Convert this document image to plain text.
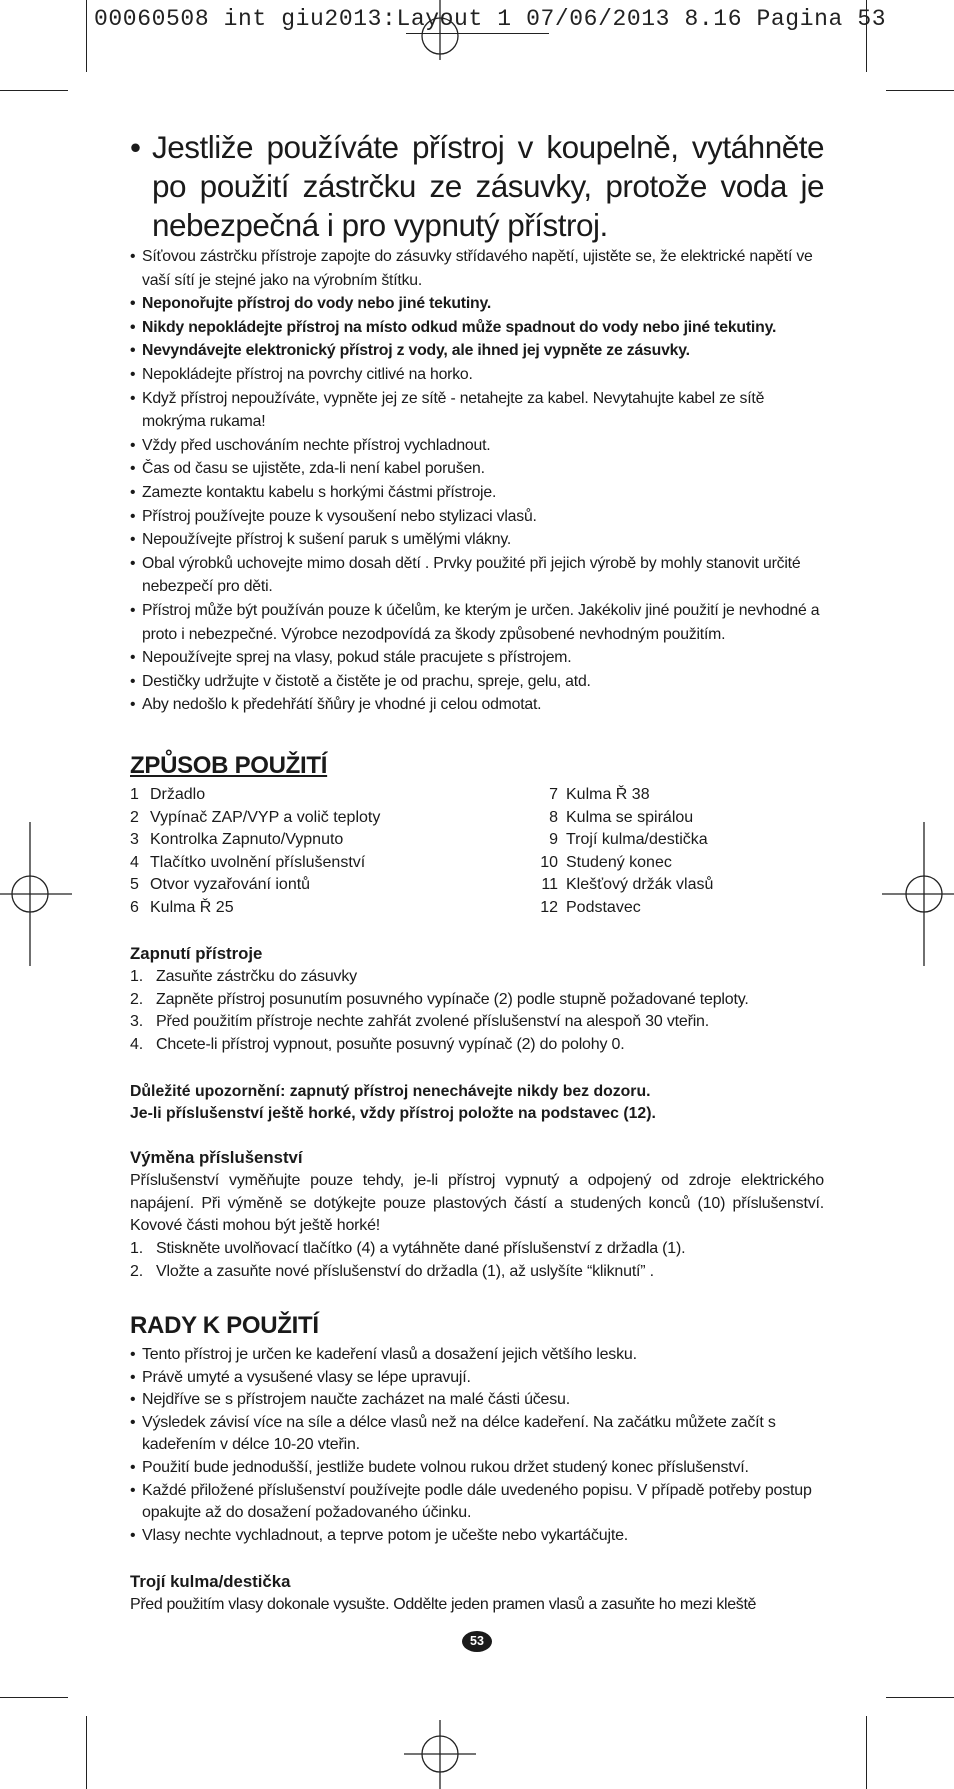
00060508 int giu2013:Layout 1 07/06/2013 8.16 Pagina 53
• Jestliže používáte přístroj v koupelně, vytáhněte po použití zástrčku ze zásuvky, protože voda je nebezpečná i pro vypnutý přístroj.
• Síťovou zástrčku přístroje zapojte do zásuvky střídavého napětí, ujistěte se, že elektrické napětí ve vaší sítí je stejné jako na výrobním štítku.
• Neponořujte přístroj do vody nebo jiné tekutiny.
• Nikdy nepokládejte přístroj na místo odkud může spadnout do vody nebo jiné tekutiny.
• Nevyndávejte elektronický přístroj z vody, ale ihned jej vypněte ze zásuvky.
• Nepokládejte přístroj na povrchy citlivé na horko.
• Když přístroj nepoužíváte, vypněte jej ze sítě - netahejte za kabel. Nevytahujte kabel ze sítě mokrýma rukama!
• Vždy před uschováním nechte přístroj vychladnout.
• Čas od času se ujistěte, zda-li není kabel porušen.
• Zamezte kontaktu kabelu s horkými částmi přístroje.
• Přístroj používejte pouze k vysoušení nebo stylizaci vlasů.
• Nepoužívejte přístroj k sušení paruk s umělými vlákny.
• Obal výrobků uchovejte mimo dosah dětí . Prvky použité při jejich výrobě by mohly stanovit určité nebezpečí pro děti.
• Přístroj může být používán pouze k účelům, ke kterým je určen. Jakékoliv jiné použití je nevhodné a proto i nebezpečné. Výrobce nezodpovídá za škody způsobené nevhodným použitím.
• Nepoužívejte sprej na vlasy, pokud stále pracujete s přístrojem.
• Destičky udržujte v čistotě a čistěte je od prachu, spreje, gelu, atd.
• Aby nedošlo k předehřátí šňůry je vhodné ji celou odmotat.
ZPŮSOB POUŽITÍ
1 Držadlo
2 Vypínač ZAP/VYP a volič teploty
3 Kontrolka Zapnuto/Vypnuto
4 Tlačítko uvolnění příslušenství
5 Otvor vyzařování iontů
6 Kulma Ř 25
7 Kulma Ř 38
8 Kulma se spirálou
9 Trojí kulma/destička
10 Studený konec
11 Klešťový držák vlasů
12 Podstavec
Zapnutí přístroje
1. Zasuňte zástrčku do zásuvky
2. Zapněte přístroj posunutím posuvného vypínače (2) podle stupně požadované teploty.
3. Před použitím přístroje nechte zahřát zvolené příslušenství na alespoň 30 vteřin.
4. Chcete-li přístroj vypnout, posuňte posuvný vypínač (2) do polohy 0.
Důležité upozornění: zapnutý přístroj nenechávejte nikdy bez dozoru.
Je-li příslušenství ještě horké, vždy přístroj položte na podstavec (12).
Výměna příslušenství
Příslušenství vyměňujte pouze tehdy, je-li přístroj vypnutý a odpojený od zdroje elektrického napájení. Při výměně se dotýkejte pouze plastových částí a studených konců (10) příslušenství. Kovové části mohou být ještě horké!
1. Stiskněte uvolňovací tlačítko (4) a vytáhněte dané příslušenství z držadla (1).
2. Vložte a zasuňte nové příslušenství do držadla (1), až uslyšíte “kliknutí” .
RADY K POUŽITÍ
• Tento přístroj je určen ke kadeření vlasů a dosažení jejich většího lesku.
• Právě umyté a vysušené vlasy se lépe upravují.
• Nejdříve se s přístrojem naučte zacházet na malé části účesu.
• Výsledek závisí více na síle a délce vlasů než na délce kadeření. Na začátku můžete začít s kadeřením v délce 10-20 vteřin.
• Použití bude jednodušší, jestliže budete volnou rukou držet studený konec příslušenství.
• Každé přiložené příslušenství používejte podle dále uvedeného popisu. V případě potřeby postup opakujte až do dosažení požadovaného účinku.
• Vlasy nechte vychladnout, a teprve potom je učešte nebo vykartáčujte.
Trojí kulma/destička
Před použitím vlasy dokonale vysušte. Oddělte jeden pramen vlasů a zasuňte ho mezi kleště
53
